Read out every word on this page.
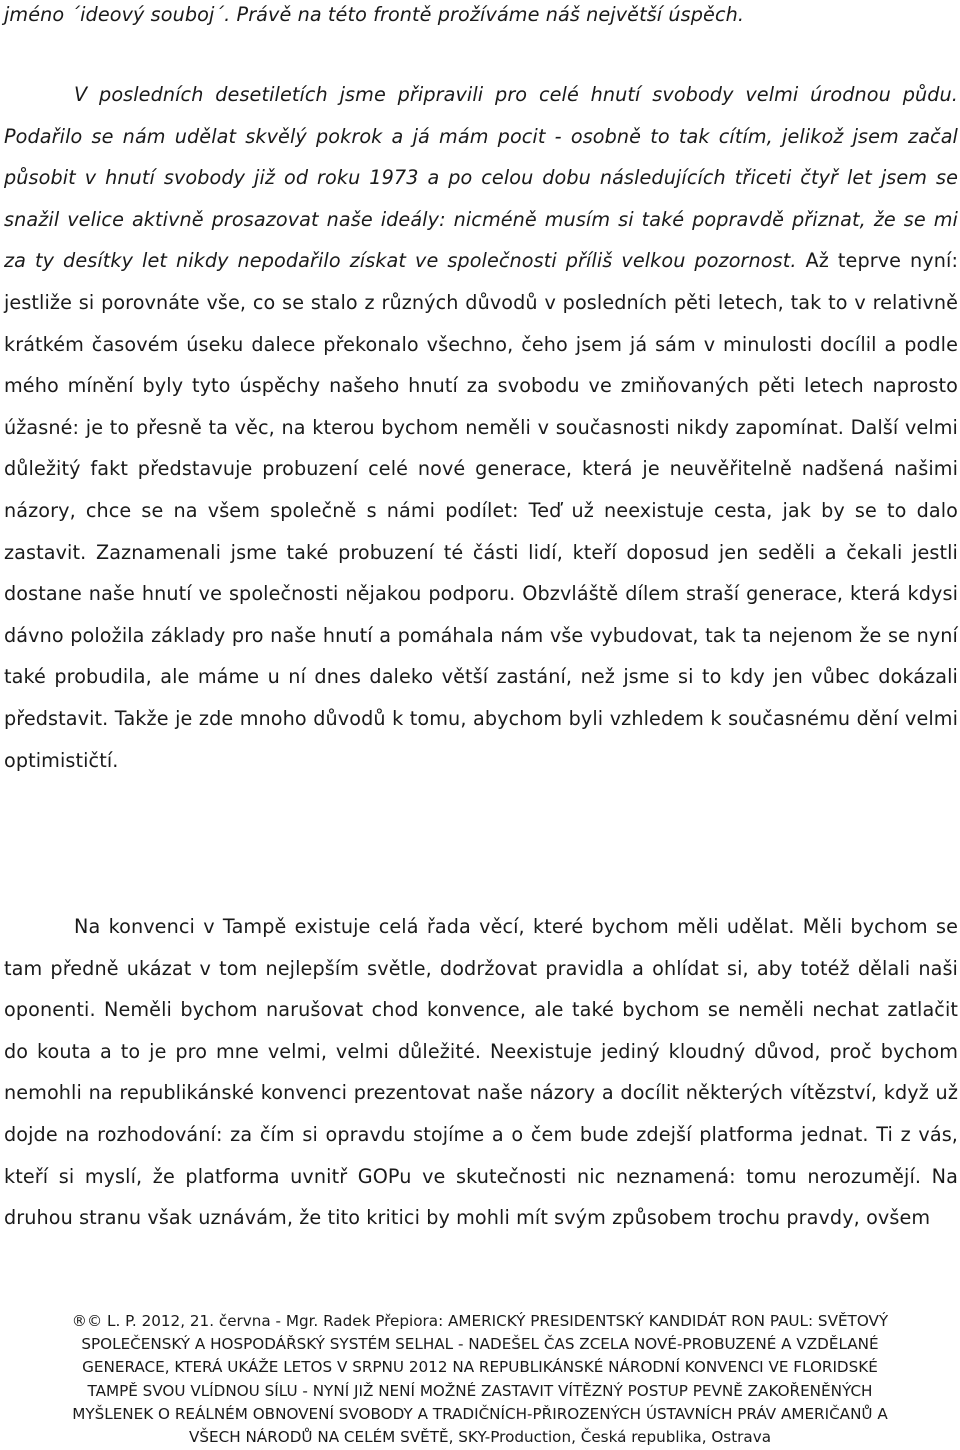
jméno ´ideový souboj´. Právě na této frontě prožíváme náš největší úspěch.

V posledních desetiletích jsme připravili pro celé hnutí svobody velmi úrodnou půdu. Podařilo se nám udělat skvělý pokrok a já mám pocit - osobně to tak cítím, jelikož jsem začal působit v hnutí svobody již od roku 1973 a po celou dobu následujících třiceti čtyř let jsem se snažil velice aktivně prosazovat naše ideály: nicméně musím si také popravdě přiznat, že se mi za ty desítky let nikdy nepodařilo získat ve společnosti příliš velkou pozornost. Až teprve nyní: jestliže si porovnáte vše, co se stalo z různých důvodů v posledních pěti letech, tak to v relativně krátkém časovém úseku dalece překonalo všechno, čeho jsem já sám v minulosti docílil a podle mého mínění byly tyto úspěchy našeho hnutí za svobodu ve zmiňovaných pěti letech naprosto úžasné: je to přesně ta věc, na kterou bychom neměli v současnosti nikdy zapomínat. Další velmi důležitý fakt představuje probuzení celé nové generace, která je neuvěřitelně nadšená našimi názory, chce se na všem společně s námi podílet: Teď už neexistuje cesta, jak by se to dalo zastavit. Zaznamenali jsme také probuzení té části lidí, kteří doposud jen seděli a čekali jestli dostane naše hnutí ve společnosti nějakou podporu. Obzvláště dílem straší generace, která kdysi dávno položila základy pro naše hnutí a pomáhala nám vše vybudovat, tak ta nejenom že se nyní také probudila, ale máme u ní dnes daleko větší zastání, než jsme si to kdy jen vůbec dokázali představit. Takže je zde mnoho důvodů k tomu, abychom byli vzhledem k současnému dění velmi optimističtí.

Na konvenci v Tampě existuje celá řada věcí, které bychom měli udělat. Měli bychom se tam předně ukázat v tom nejlepším světle, dodržovat pravidla a ohlídat si, aby totéž dělali naši oponenti. Neměli bychom narušovat chod konvence, ale také bychom se neměli nechat zatlačit do kouta a to je pro mne velmi, velmi důležité. Neexistuje jediný kloudný důvod, proč bychom nemohli na republikánské konvenci prezentovat naše názory a docílit některých vítězství, když už dojde na rozhodování: za čím si opravdu stojíme a o čem bude zdejší platforma jednat. Ti z vás, kteří si myslí, že platforma uvnitř GOPu ve skutečnosti nic neznamená: tomu nerozumějí. Na druhou stranu však uznávám, že tito kritici by mohli mít svým způsobem trochu pravdy, ovšem

®© L. P. 2012, 21. června - Mgr. Radek Přepiora: AMERICKÝ PRESIDENTSKÝ KANDIDÁT RON PAUL: SVĚTOVÝ
SPOLEČENSKÝ A HOSPODÁŘSKÝ SYSTÉM SELHAL - NADEŠEL ČAS ZCELA NOVÉ-PROBUZENÉ A VZDĚLANÉ
GENERACE, KTERÁ UKÁŽE LETOS V SRPNU 2012 NA REPUBLIKÁNSKÉ NÁRODNÍ KONVENCI VE FLORIDSKÉ
TAMPĚ SVOU VLÍDNOU SÍLU - NYNÍ JIŽ NENÍ MOŽNÉ ZASTAVIT VÍTĚZNÝ POSTUP PEVNĚ ZAKOŘENĚNÝCH
MYŠLENEK O REÁLNÉM OBNOVENÍ SVOBODY A TRADIČNÍCH-PŘIROZENÝCH ÚSTAVNÍCH PRÁV AMERIČANŮ A
VŠECH NÁRODŮ NA CELÉM SVĚTĚ, SKY-Production, Česká republika, Ostrava
